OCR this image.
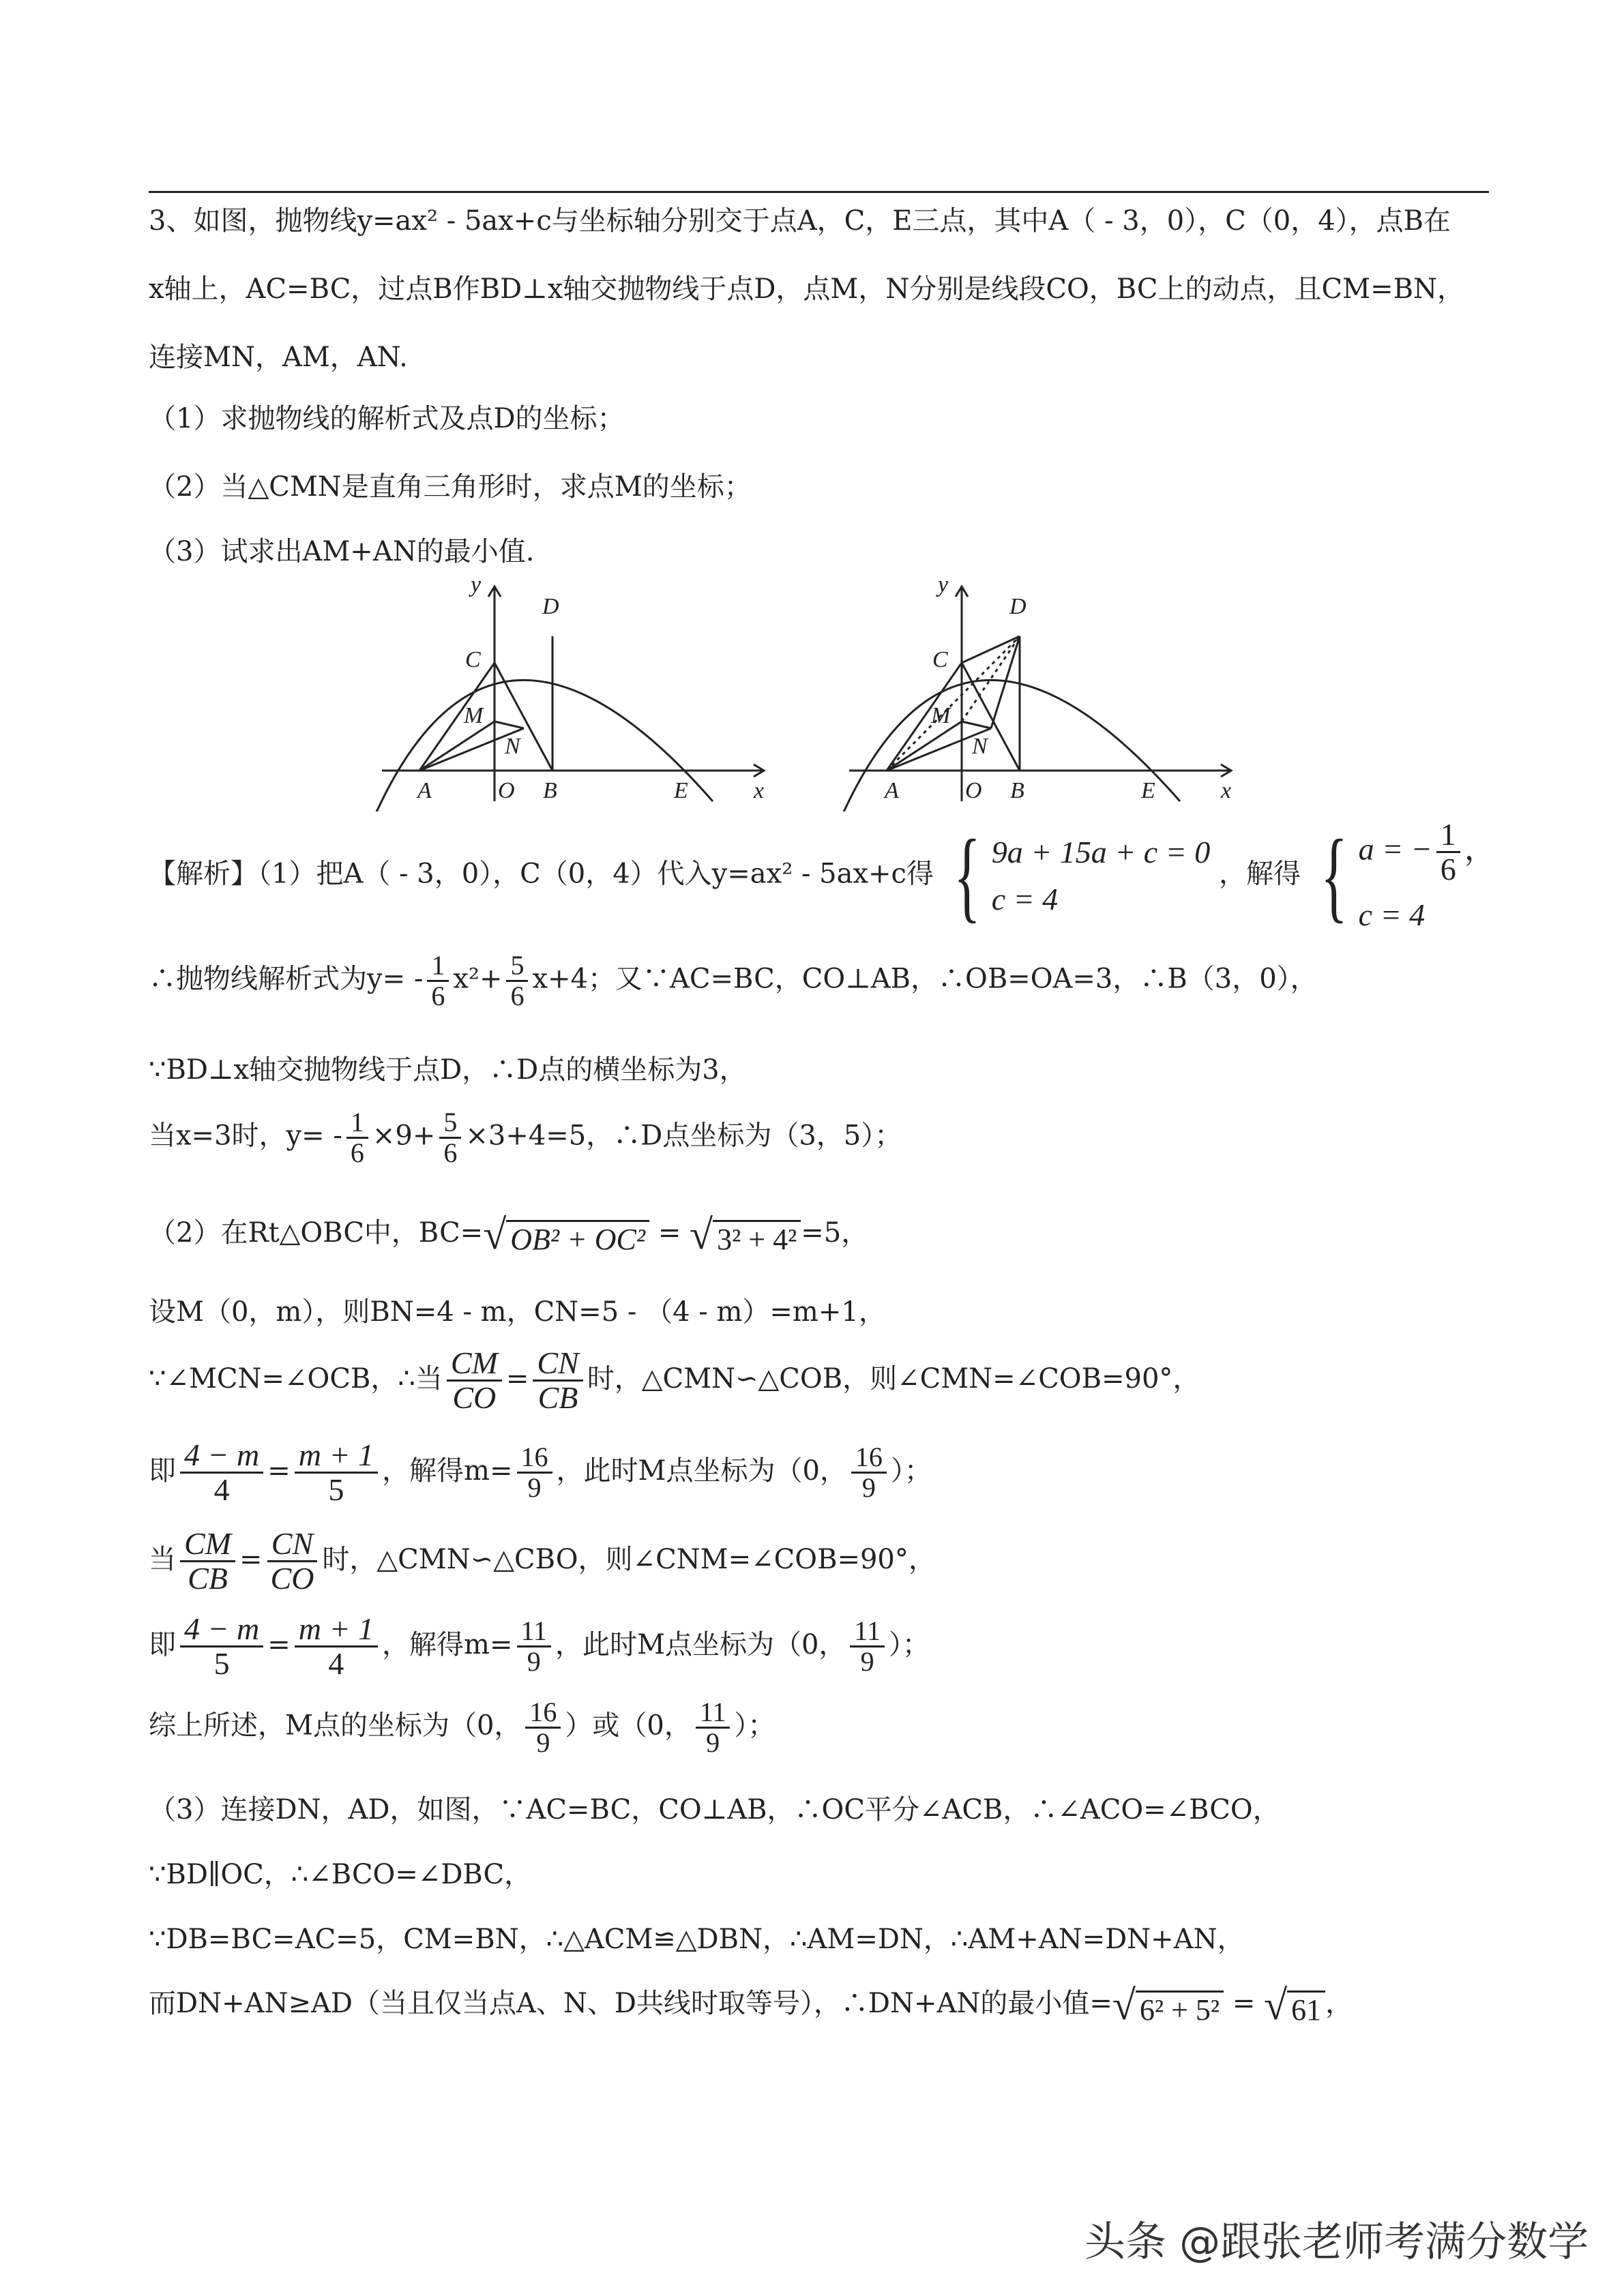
3、如图，抛物线y=ax² - 5ax+c与坐标轴分别交于点A，C，E三点，其中A（ - 3，0），C（0，4），点B在
x轴上，AC=BC，过点B作BD⊥x轴交抛物线于点D，点M，N分别是线段CO，BC上的动点，且CM=BN，
连接MN，AM，AN.
（1）求抛物线的解析式及点D的坐标；
（2）当△CMN是直角三角形时，求点M的坐标；
（3）试求出AM+AN的最小值.
y
D
C
M
N
A	O B	E	x
y
D
C
M
N
A	O B	E	x
【解析】（1）把A（ - 3，0），C（0，4）代入y=ax² - 5ax+c得 { 9a + 15a + c = 0
c = 4
，解得 { a = − $\frac{1}{6}$ ，
c = 4
∴抛物线解析式为$y= - \frac{1}{6} x^2+ \frac{5}{6} x+4$；又∵AC=BC，CO⊥AB，∴OB=OA=3，∴B（3，0），
∵BD⊥x轴交抛物线于点D，∴D点的横坐标为3，
当x=3时，$y= - \frac{1}{6} \times 9+ \frac{5}{6} \times 3+4=5$，∴D点坐标为（3，5）；
（2）在Rt△OBC中，BC= √ OB² + OC² = √ 3² + 4² =5，
设M（0，m），则BN=4 - m，CN=5 - （4 - m）=m+1，
∵∠MCN=∠OCB，∴当 $\frac{CM}{CO} = \frac{CN}{CB}$ 时，△CMN∽△COB，则∠CMN=∠COB=90°，
即 $\frac{4 - m}{4} = \frac{m + 1}{5}$ ，解得$m= \frac{16}{9}$ ，此时M点坐标为（0， $\frac{16}{9}$ ）；
当 $\frac{CM}{CB} = \frac{CN}{CO}$ 时，△CMN∽△CBO，则∠CNM=∠COB=90°，
即 $\frac{4 - m}{5} = \frac{m + 1}{4}$ ，解得$m= \frac{11}{9}$ ，此时M点坐标为（0， $\frac{11}{9}$ ）；
综上所述，M点的坐标为（0， $\frac{16}{9}$ ）或（0， $\frac{11}{9}$ ）；
（3）连接DN，AD，如图，∵AC=BC，CO⊥AB，∴OC平分∠ACB，∴∠ACO=∠BCO，
∵BD∥OC，∴∠BCO=∠DBC，
∵DB=BC=AC=5，CM=BN，∴△ACM≌△DBN，∴AM=DN，∴AM+AN=DN+AN，
而DN+AN≥AD（当且仅当点A、N、D共线时取等号），∴DN+AN的最小值= √ 6² + 5² = √ 61 ，
头条 @跟张老师考满分数学
